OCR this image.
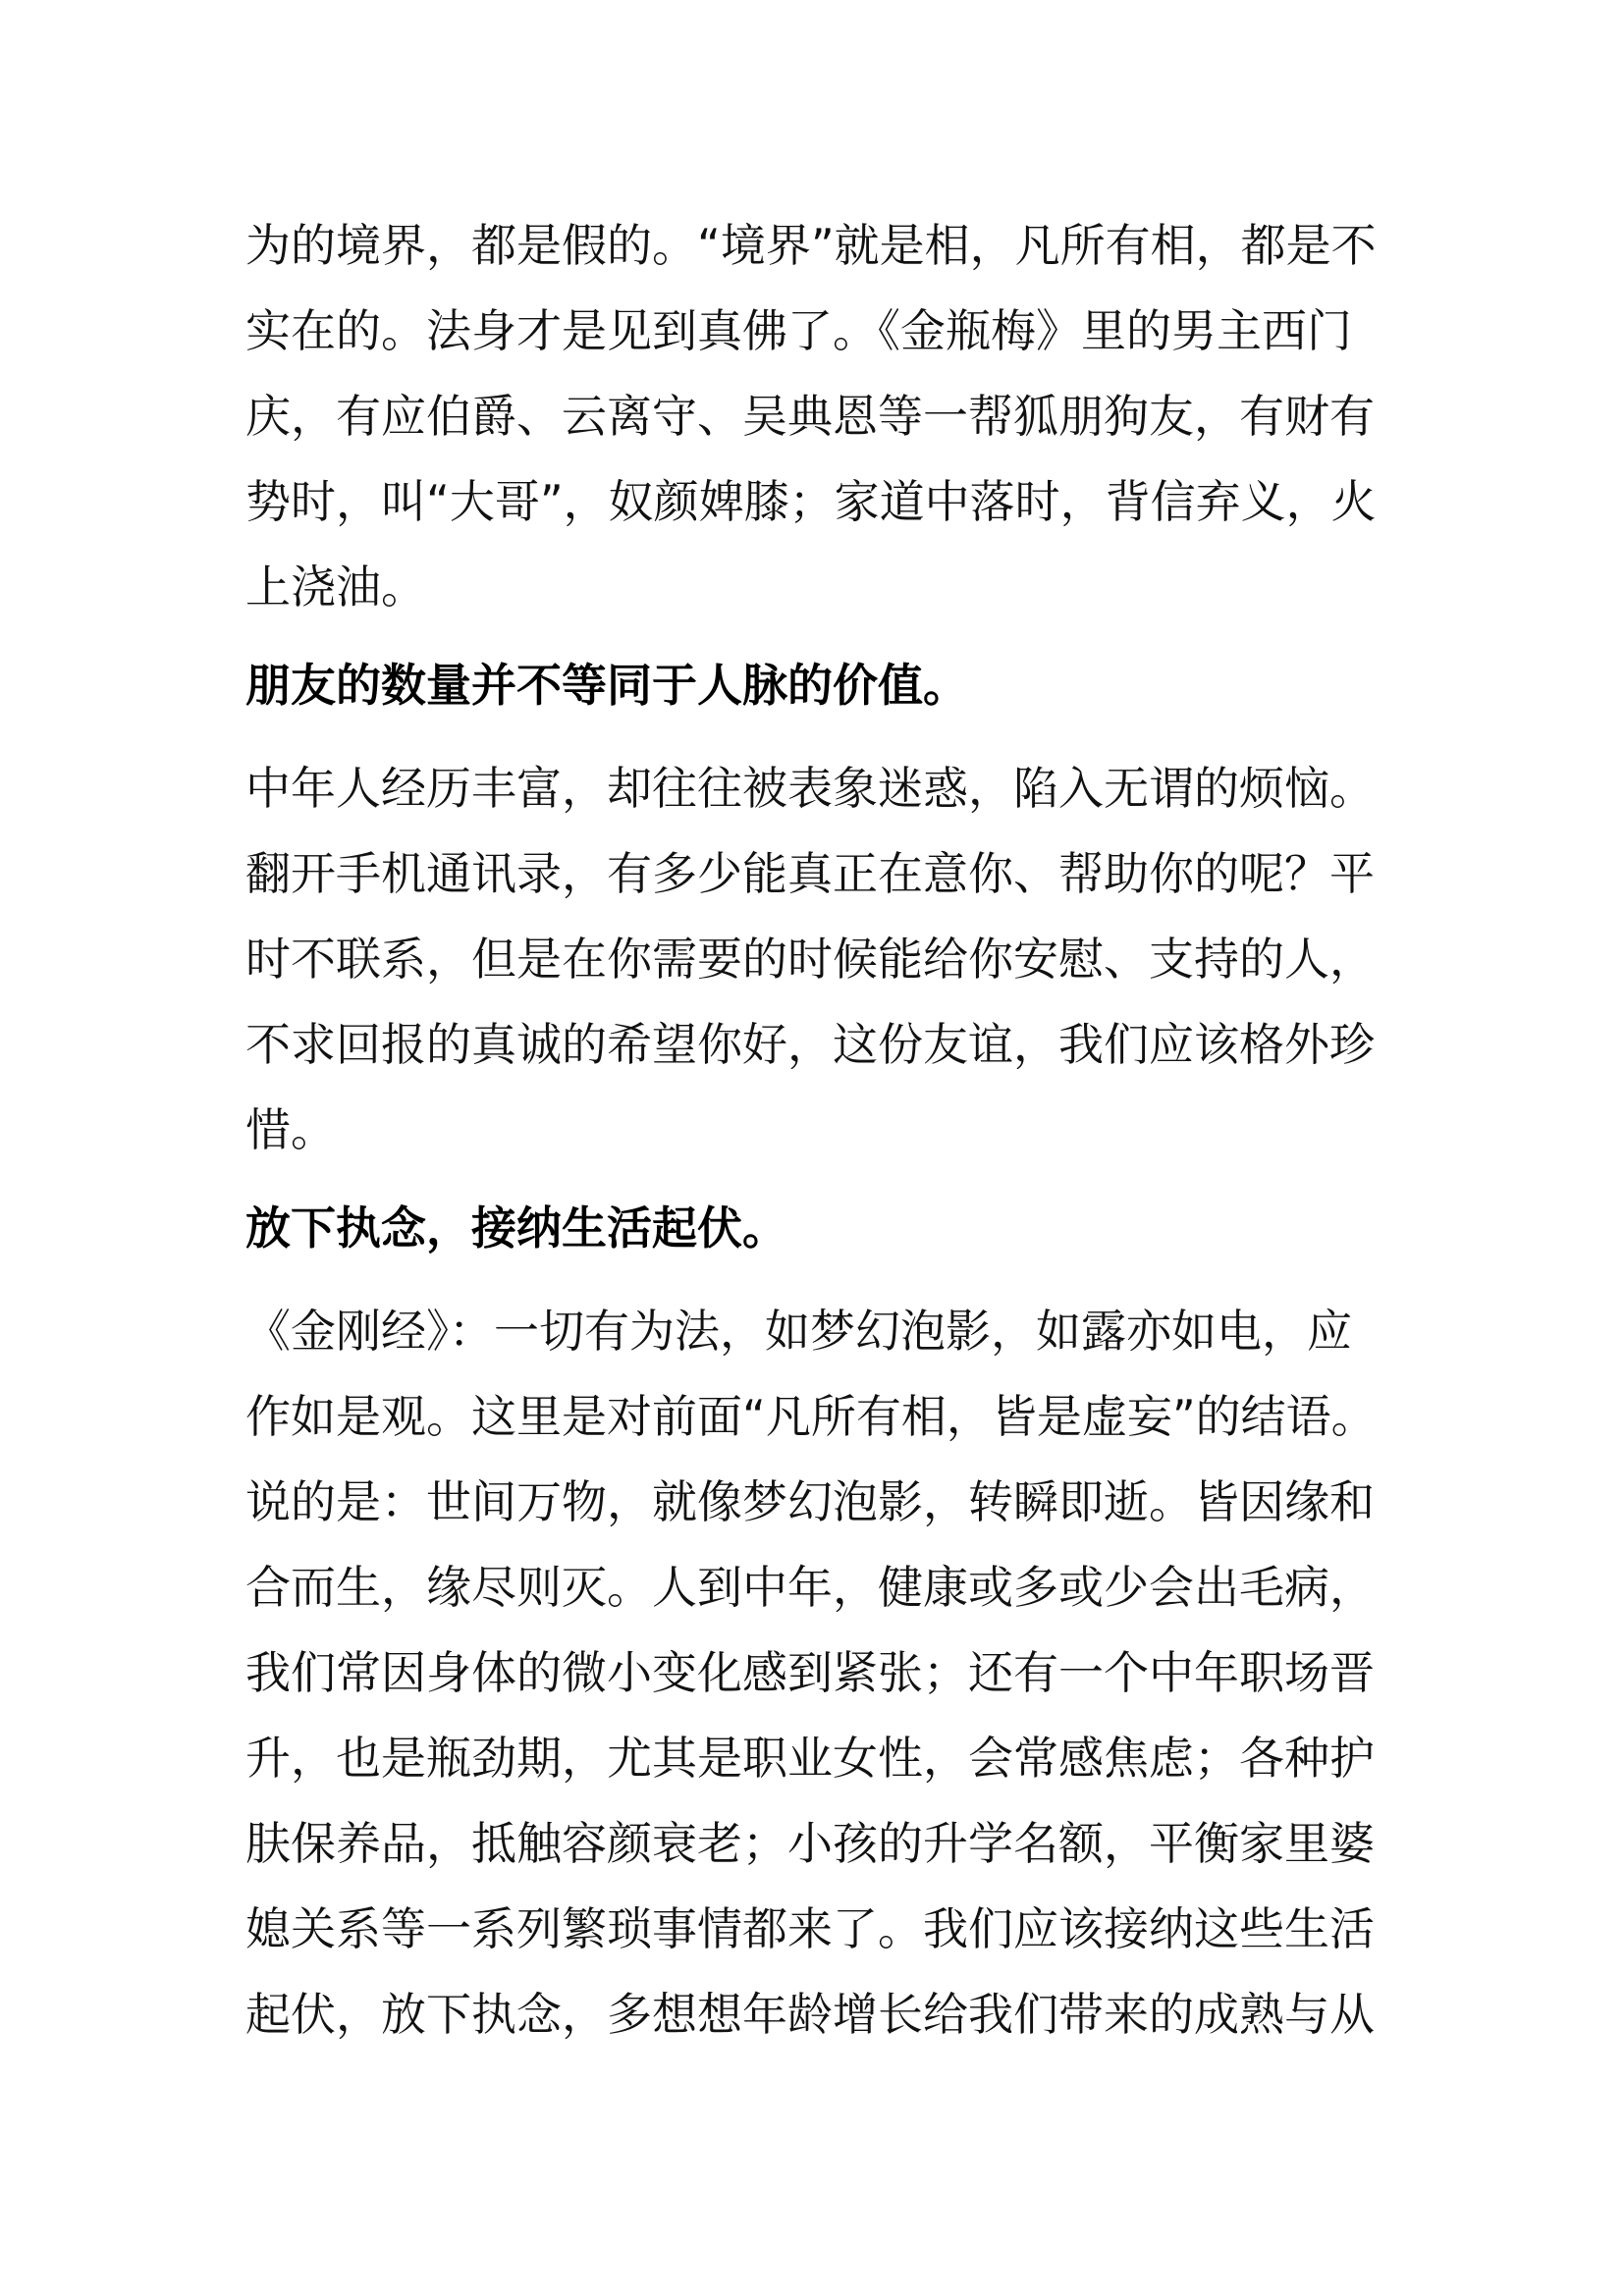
为的境界，都是假的。“境界”就是相，凡所有相，都是不
实在的。法身才是见到真佛了。《金瓶梅》里的男主西门
庆，有应伯爵、云离守、吴典恩等一帮狐朋狗友，有财有
势时，叫“大哥”，奴颜婢膝；家道中落时，背信弃义，火
上浇油。
朋友的数量并不等同于人脉的价值。
中年人经历丰富，却往往被表象迷惑，陷入无谓的烦恼。
翻开手机通讯录，有多少能真正在意你、帮助你的呢？平
时不联系，但是在你需要的时候能给你安慰、支持的人，
不求回报的真诚的希望你好，这份友谊，我们应该格外珍
惜。
放下执念，接纳生活起伏。
《金刚经》：一切有为法，如梦幻泡影，如露亦如电，应
作如是观。这里是对前面“凡所有相，皆是虚妄”的结语。
说的是：世间万物，就像梦幻泡影，转瞬即逝。皆因缘和
合而生，缘尽则灭。人到中年，健康或多或少会出毛病，
我们常因身体的微小变化感到紧张；还有一个中年职场晋
升，也是瓶劲期，尤其是职业女性，会常感焦虑；各种护
肤保养品，抵触容颜衰老；小孩的升学名额，平衡家里婆
媳关系等一系列繁琐事情都来了。我们应该接纳这些生活
起伏，放下执念，多想想年龄增长给我们带来的成熟与从
